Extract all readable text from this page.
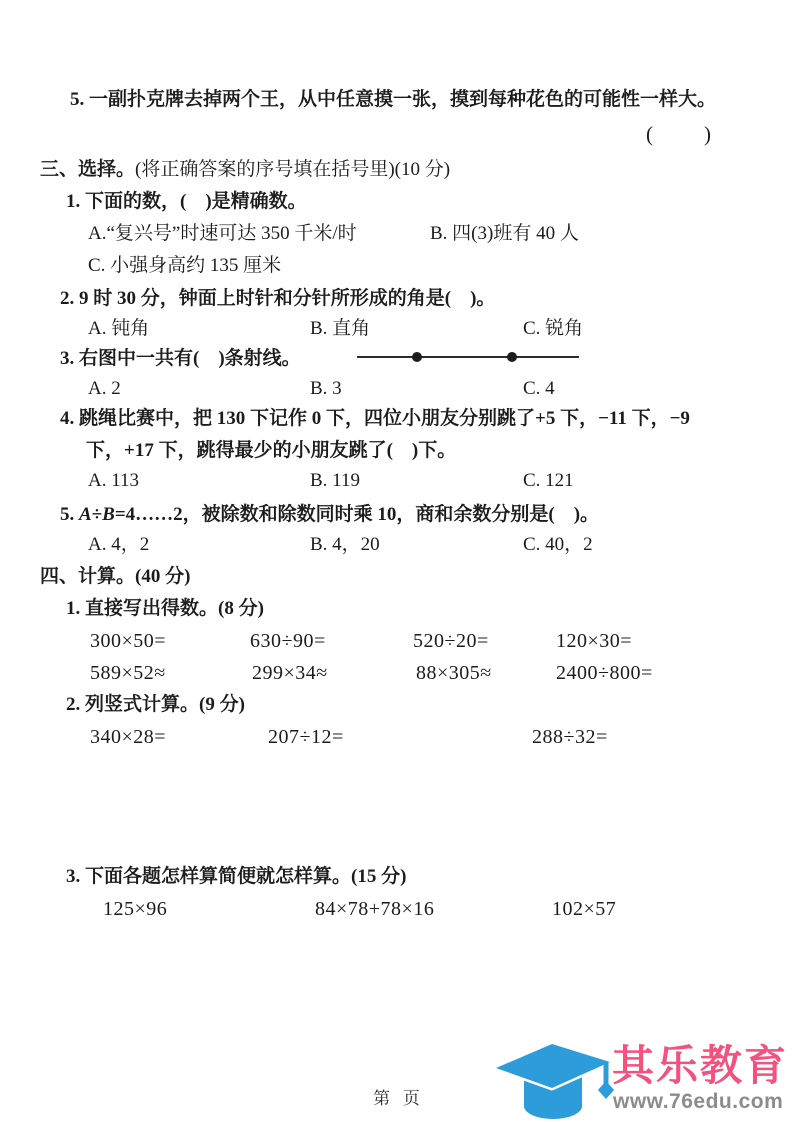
5. 一副扑克牌去掉两个王，从中任意摸一张，摸到每种花色的可能性一样大。
(    )
三、选择。(将正确答案的序号填在括号里)(10 分)
1. 下面的数，(    )是精确数。
A.“复兴号”时速可达 350 千米/时	B. 四(3)班有 40 人
C. 小强身高约 135 厘米
2. 9 时 30 分，钟面上时针和分针所形成的角是(    )。
A. 钝角	B. 直角	C. 锐角
3. 右图中一共有(    )条射线。
A. 2	B. 3	C. 4
4. 跳绳比赛中，把 130 下记作 0 下，四位小朋友分别跳了+5 下，−11 下，−9
下，+17 下，跳得最少的小朋友跳了(    )下。
A. 113	B. 119	C. 121
5. A÷B=4……2，被除数和除数同时乘 10，商和余数分别是(    )。
A. 4，2	B. 4，20	C. 40，2
四、计算。(40 分)
1. 直接写出得数。(8 分)
300×50=	630÷90=	520÷20=	120×30=
589×52≈	299×34≈	88×305≈	2400÷800=
2. 列竖式计算。(9 分)
340×28=	207÷12=	288÷32=
3. 下面各题怎样算简便就怎样算。(15 分)
125×96	84×78+78×16	102×57
第   页
其乐教育
www.76edu.com
